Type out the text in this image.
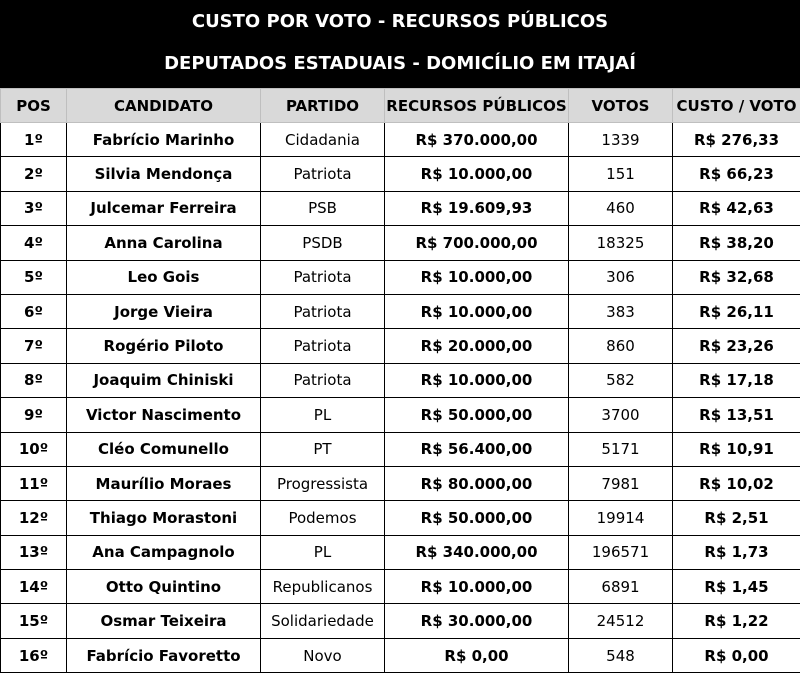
CUSTO POR VOTO - RECURSOS PÚBLICOS
DEPUTADOS ESTADUAIS - DOMICÍLIO EM ITAJAÍ
POS	CANDIDATO	PARTIDO	RECURSOS PÚBLICOS	VOTOS	CUSTO / VOTO
1º	Fabrício Marinho	Cidadania	R$ 370.000,00	1339	R$ 276,33
2º	Silvia Mendonça	Patriota	R$ 10.000,00	151	R$ 66,23
3º	Julcemar Ferreira	PSB	R$ 19.609,93	460	R$ 42,63
4º	Anna Carolina	PSDB	R$ 700.000,00	18325	R$ 38,20
5º	Leo Gois	Patriota	R$ 10.000,00	306	R$ 32,68
6º	Jorge Vieira	Patriota	R$ 10.000,00	383	R$ 26,11
7º	Rogério Piloto	Patriota	R$ 20.000,00	860	R$ 23,26
8º	Joaquim Chiniski	Patriota	R$ 10.000,00	582	R$ 17,18
9º	Victor Nascimento	PL	R$ 50.000,00	3700	R$ 13,51
10º	Cléo Comunello	PT	R$ 56.400,00	5171	R$ 10,91
11º	Maurílio Moraes	Progressista	R$ 80.000,00	7981	R$ 10,02
12º	Thiago Morastoni	Podemos	R$ 50.000,00	19914	R$ 2,51
13º	Ana Campagnolo	PL	R$ 340.000,00	196571	R$ 1,73
14º	Otto Quintino	Republicanos	R$ 10.000,00	6891	R$ 1,45
15º	Osmar Teixeira	Solidariedade	R$ 30.000,00	24512	R$ 1,22
16º	Fabrício Favoretto	Novo	R$ 0,00	548	R$ 0,00
